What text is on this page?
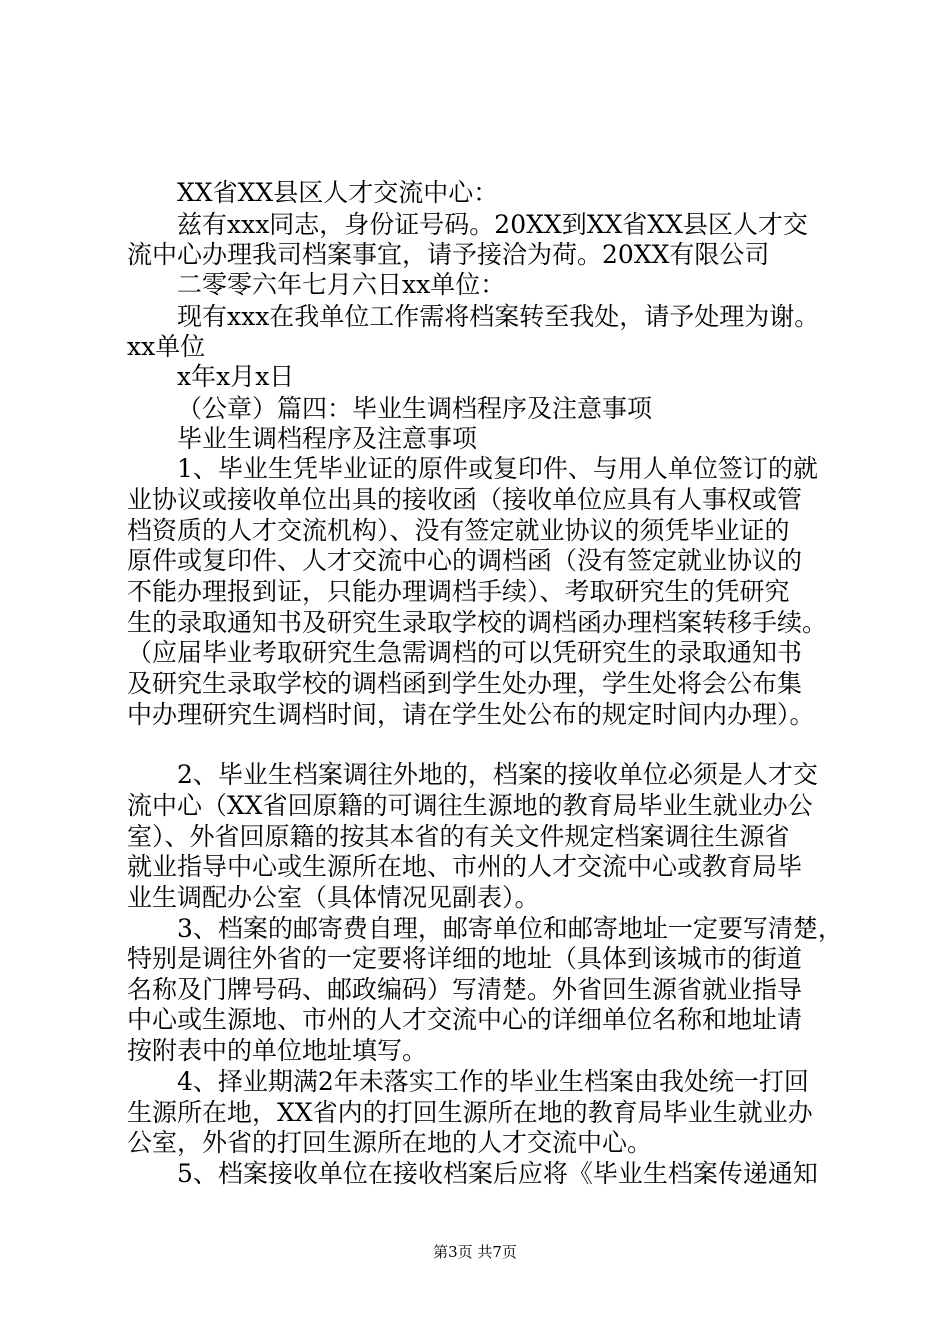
XX省XX县区人才交流中心：
兹有xxx同志，身份证号码。20XX到XX省XX县区人才交
流中心办理我司档案事宜，请予接洽为荷。20XX有限公司
二零零六年七月六日xx单位：
现有xxx在我单位工作需将档案转至我处，请予处理为谢。
xx单位
x年x月x日
（公章）篇四：毕业生调档程序及注意事项
毕业生调档程序及注意事项
1、毕业生凭毕业证的原件或复印件、与用人单位签订的就
业协议或接收单位出具的接收函（接收单位应具有人事权或管
档资质的人才交流机构）、没有签定就业协议的须凭毕业证的
原件或复印件、人才交流中心的调档函（没有签定就业协议的
不能办理报到证，只能办理调档手续）、考取研究生的凭研究
生的录取通知书及研究生录取学校的调档函办理档案转移手续。
（应届毕业考取研究生急需调档的可以凭研究生的录取通知书
及研究生录取学校的调档函到学生处办理，学生处将会公布集
中办理研究生调档时间，请在学生处公布的规定时间内办理）。
2、毕业生档案调往外地的，档案的接收单位必须是人才交
流中心（XX省回原籍的可调往生源地的教育局毕业生就业办公
室）、外省回原籍的按其本省的有关文件规定档案调往生源省
就业指导中心或生源所在地、市州的人才交流中心或教育局毕
业生调配办公室（具体情况见副表）。
3、档案的邮寄费自理，邮寄单位和邮寄地址一定要写清楚，
特别是调往外省的一定要将详细的地址（具体到该城市的街道
名称及门牌号码、邮政编码）写清楚。外省回生源省就业指导
中心或生源地、市州的人才交流中心的详细单位名称和地址请
按附表中的单位地址填写。
4、择业期满2年未落实工作的毕业生档案由我处统一打回
生源所在地，XX省内的打回生源所在地的教育局毕业生就业办
公室，外省的打回生源所在地的人才交流中心。
5、档案接收单位在接收档案后应将《毕业生档案传递通知
第3页 共7页
